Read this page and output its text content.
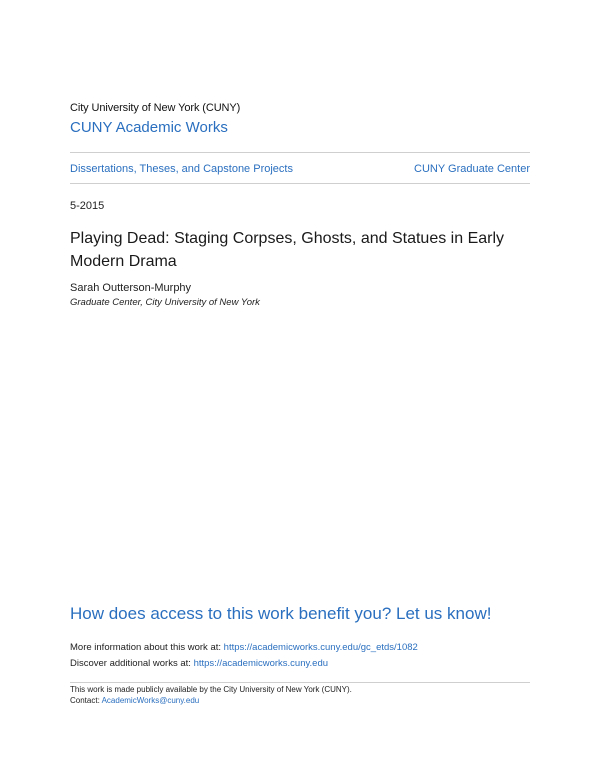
City University of New York (CUNY)
CUNY Academic Works
Dissertations, Theses, and Capstone Projects	CUNY Graduate Center
5-2015
Playing Dead: Staging Corpses, Ghosts, and Statues in Early Modern Drama
Sarah Outterson-Murphy
Graduate Center, City University of New York
How does access to this work benefit you? Let us know!
More information about this work at: https://academicworks.cuny.edu/gc_etds/1082
Discover additional works at: https://academicworks.cuny.edu
This work is made publicly available by the City University of New York (CUNY).
Contact: AcademicWorks@cuny.edu
